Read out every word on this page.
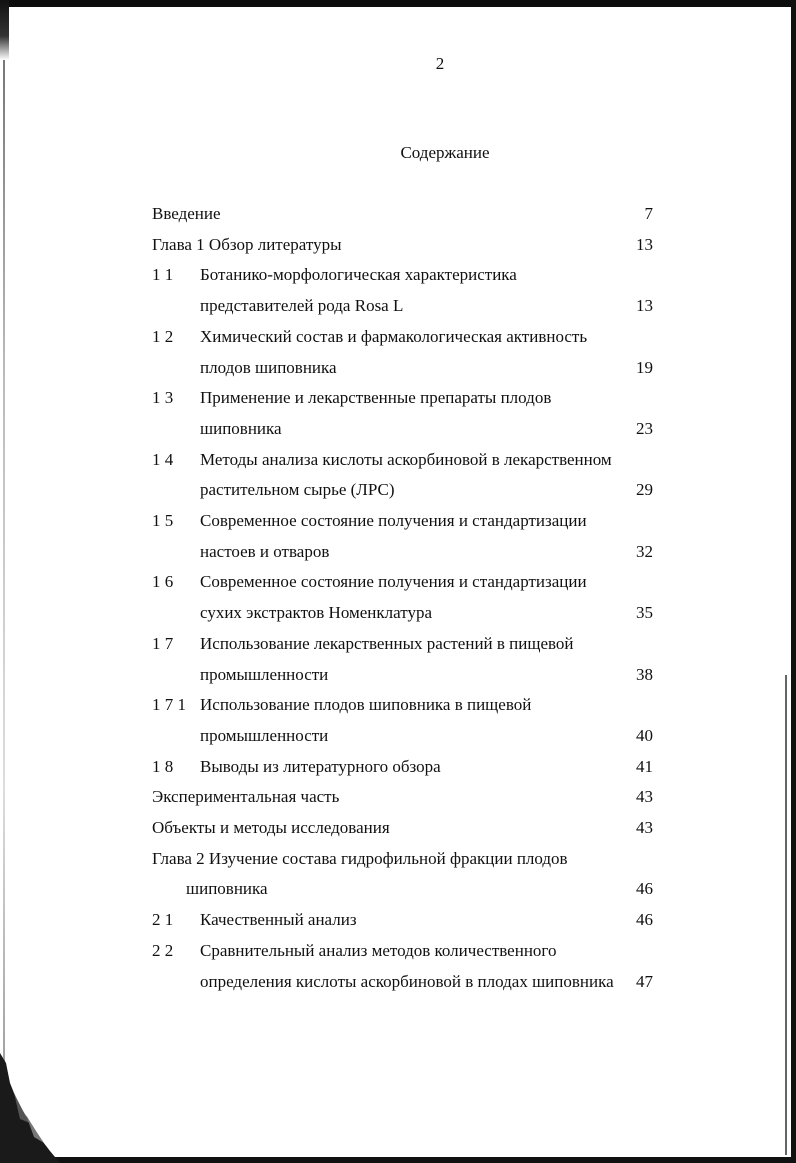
2
Содержание
Введение	7
Глава 1 Обзор литературы	13
1 1 Ботанико-морфологическая характеристика
представителей рода Rosa L	13
1 2 Химический состав и фармакологическая активность
плодов шиповника	19
1 3 Применение и лекарственные препараты плодов
шиповника	23
1 4 Методы анализа кислоты аскорбиновой в лекарственном
растительном сырье (ЛРС)	29
1 5 Современное состояние получения и стандартизации
настоев и отваров	32
1 6 Современное состояние получения и стандартизации
сухих экстрактов Номенклатура	35
1 7 Использование лекарственных растений в пищевой
промышленности	38
1 7 1 Использование плодов шиповника в пищевой
промышленности	40
1 8 Выводы из литературного обзора	41
Экспериментальная часть	43
Объекты и методы исследования	43
Глава 2 Изучение состава гидрофильной фракции плодов
шиповника	46
2 1 Качественный анализ	46
2 2 Сравнительный анализ методов количественного
определения кислоты аскорбиновой в плодах шиповника 47
